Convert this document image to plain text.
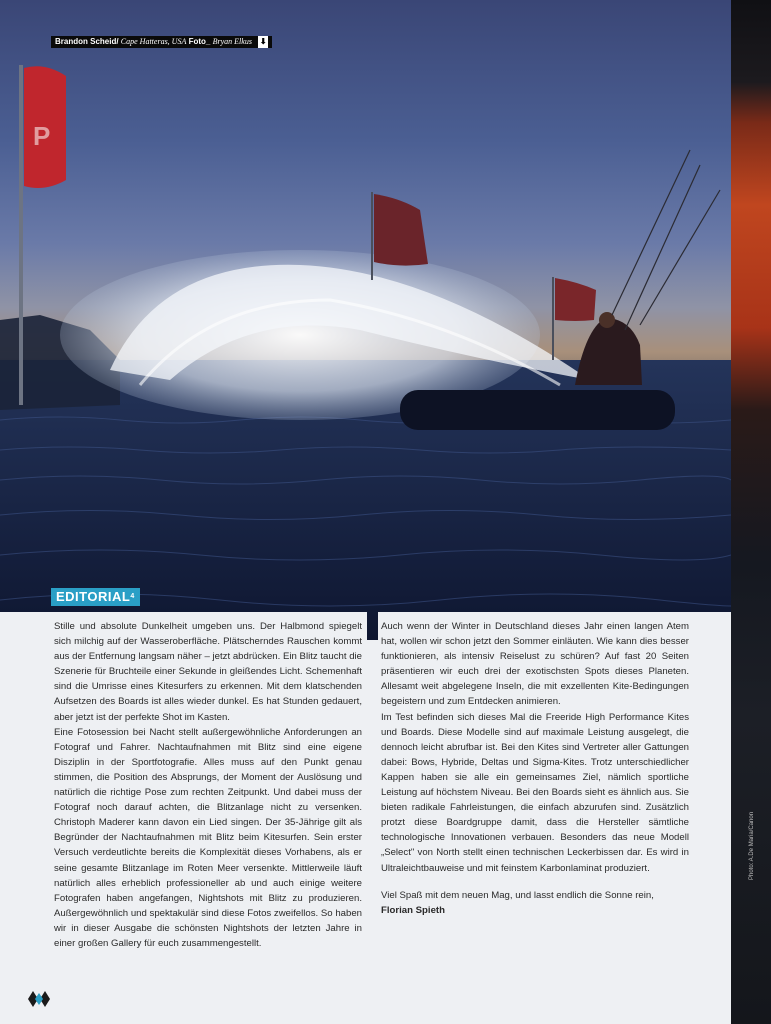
P
Brandon Scheid/ Cape Hatteras, USA Foto_ Bryan Elkus ⬇
Photo: A.De Maria/Canon
EDITORIAL$^4$

Stille und absolute Dunkelheit umgeben uns. Der Halbmond spiegelt sich milchig auf der Wasseroberfläche. Plätscherndes Rauschen kommt aus der Entfernung langsam näher – jetzt abdrücken. Ein Blitz taucht die Szenerie für Bruchteile einer Sekunde in gleißendes Licht. Schemenhaft sind die Umrisse eines Kitesurfers zu erkennen. Mit dem klatschenden Aufsetzen des Boards ist alles wieder dunkel. Es hat Stunden gedauert, aber jetzt ist der perfekte Shot im Kasten.

Eine Fotosession bei Nacht stellt außergewöhnliche Anforderungen an Fotograf und Fahrer. Nachtaufnahmen mit Blitz sind eine eigene Disziplin in der Sportfotografie. Alles muss auf den Punkt genau stimmen, die Position des Absprungs, der Moment der Auslösung und natürlich die richtige Pose zum rechten Zeitpunkt. Und dabei muss der Fotograf noch darauf achten, die Blitzanlage nicht zu versenken. Christoph Maderer kann davon ein Lied singen. Der 35-Jährige gilt als Begründer der Nachtaufnahmen mit Blitz beim Kitesurfen. Sein erster Versuch verdeutlichte bereits die Komplexität dieses Vorhabens, als er seine gesamte Blitzanlage im Roten Meer versenkte. Mittlerweile läuft natürlich alles erheblich professioneller ab und auch einige weitere Fotografen haben angefangen, Nightshots mit Blitz zu produzieren. Außergewöhnlich und spektakulär sind diese Fotos zweifellos. So haben wir in dieser Ausgabe die schönsten Nightshots der letzten Jahre in einer großen Gallery für euch zusammengestellt.

Auch wenn der Winter in Deutschland dieses Jahr einen langen Atem hat, wollen wir schon jetzt den Sommer einläuten. Wie kann dies besser funktionieren, als intensiv Reiselust zu schüren? Auf fast 20 Seiten präsentieren wir euch drei der exotischsten Spots dieses Planeten. Allesamt weit abgelegene Inseln, die mit exzellenten Kite-Bedingungen begeistern und zum Entdecken animieren.

Im Test befinden sich dieses Mal die Freeride High Performance Kites und Boards. Diese Modelle sind auf maximale Leistung ausgelegt, die dennoch leicht abrufbar ist. Bei den Kites sind Vertreter aller Gattungen dabei: Bows, Hybride, Deltas und Sigma-Kites. Trotz unterschiedlicher Kappen haben sie alle ein gemeinsames Ziel, nämlich sportliche Leistung auf höchstem Niveau. Bei den Boards sieht es ähnlich aus. Sie bieten radikale Fahrleistungen, die einfach abzurufen sind. Zusätzlich protzt diese Boardgruppe damit, dass die Hersteller sämtliche technologische Innovationen verbauen. Besonders das neue Modell „Select" von North stellt einen technischen Leckerbissen dar. Es wird in Ultraleichtbauweise und mit feinstem Karbonlaminat produziert.

Viel Spaß mit dem neuen Mag, und lasst endlich die Sonne rein,

Florian Spieth
